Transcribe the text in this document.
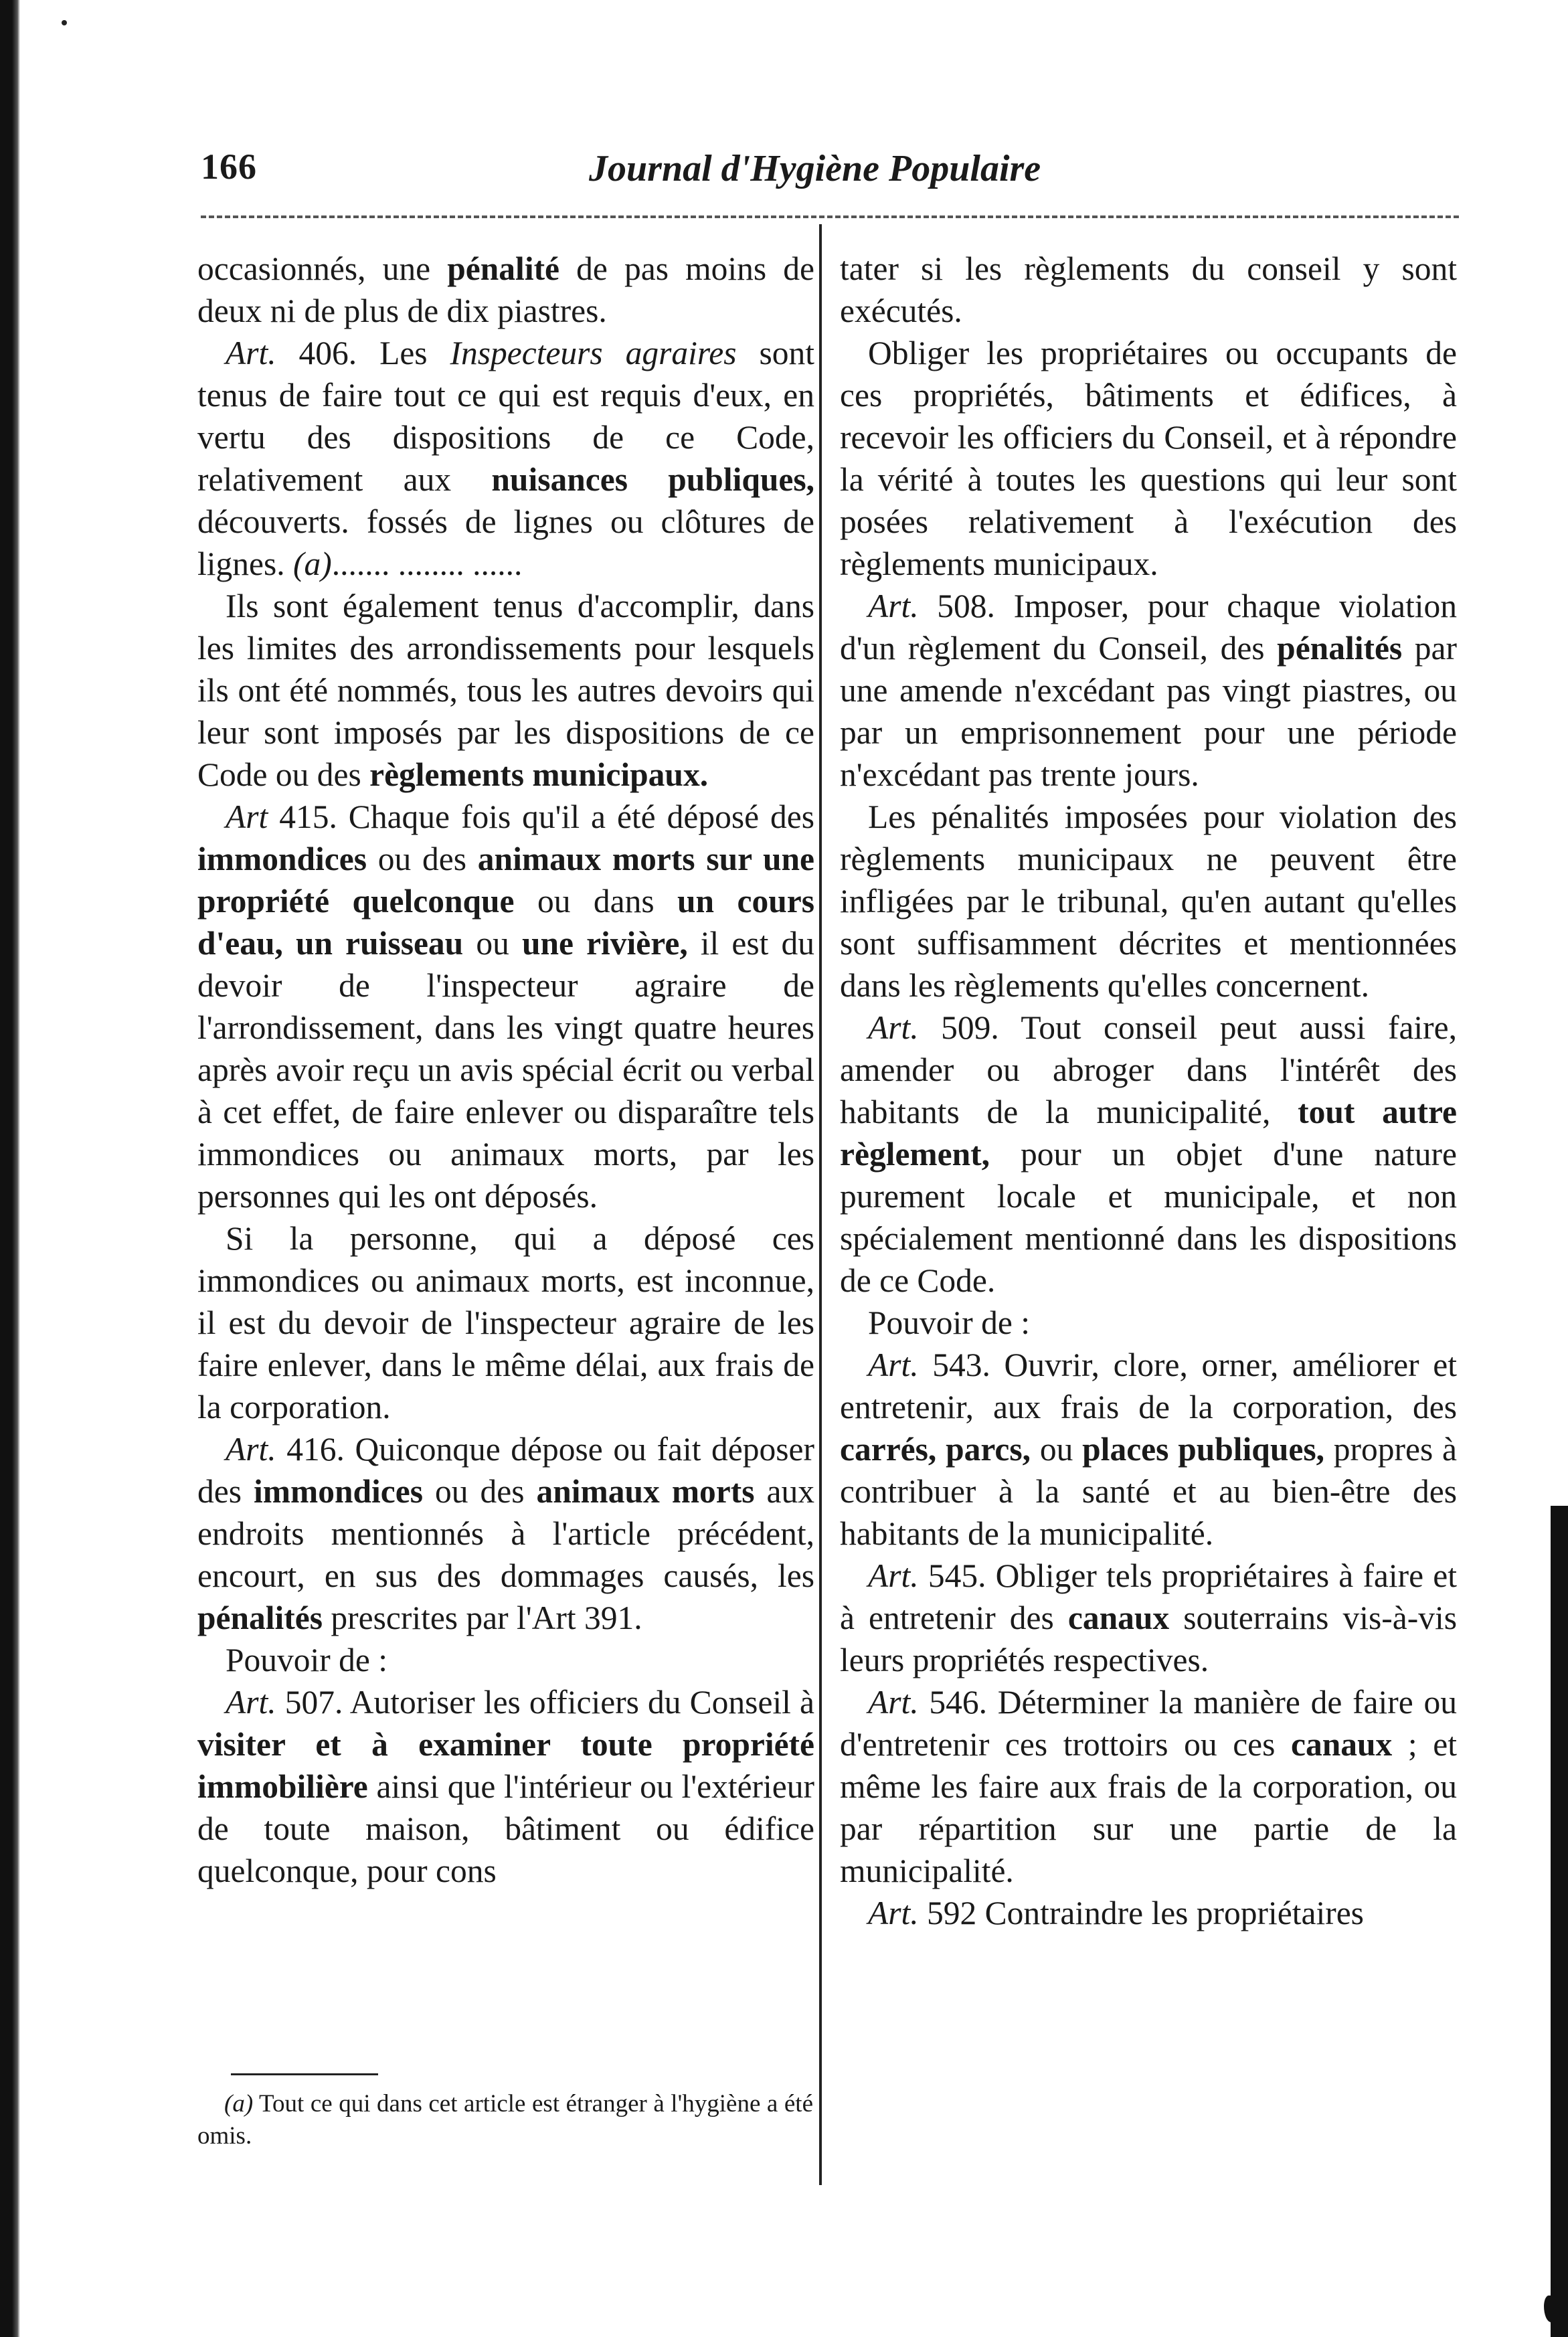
166	Journal d'Hygiène Populaire

occasionnés, une pénalité de pas moins de deux ni de plus de dix piastres.

Art. 406. Les Inspecteurs agraires sont tenus de faire tout ce qui est requis d'eux, en vertu des dispositions de ce Code, relativement aux nuisances publiques, découverts. fossés de lignes ou clôtures de lignes. (a)....... ........ ......

Ils sont également tenus d'accomplir, dans les limites des arrondissements pour lesquels ils ont été nommés, tous les autres devoirs qui leur sont imposés par les dispositions de ce Code ou des règlements municipaux.

Art 415. Chaque fois qu'il a été déposé des immondices ou des animaux morts sur une propriété quelconque ou dans un cours d'eau, un ruisseau ou une rivière, il est du devoir de l'inspecteur agraire de l'arrondissement, dans les vingt quatre heures après avoir reçu un avis spécial écrit ou verbal à cet effet, de faire enlever ou disparaître tels immondices ou animaux morts, par les personnes qui les ont déposés.

Si la personne, qui a déposé ces immondices ou animaux morts, est inconnue, il est du devoir de l'inspecteur agraire de les faire enlever, dans le même délai, aux frais de la corporation.

Art. 416. Quiconque dépose ou fait déposer des immondices ou des animaux morts aux endroits mentionnés à l'article précédent, encourt, en sus des dommages causés, les pénalités prescrites par l'Art 391.

Pouvoir de :

Art. 507. Autoriser les officiers du Conseil à visiter et à examiner toute propriété immobilière ainsi que l'intérieur ou l'extérieur de toute maison, bâtiment ou édifice quelconque, pour cons

tater si les règlements du conseil y sont exécutés.

Obliger les propriétaires ou occupants de ces propriétés, bâtiments et édifices, à recevoir les officiers du Conseil, et à répondre la vérité à toutes les questions qui leur sont posées relativement à l'exécution des règlements municipaux.

Art. 508. Imposer, pour chaque violation d'un règlement du Conseil, des pénalités par une amende n'excédant pas vingt piastres, ou par un emprisonnement pour une période n'excédant pas trente jours.

Les pénalités imposées pour violation des règlements municipaux ne peuvent être infligées par le tribunal, qu'en autant qu'elles sont suffisamment décrites et mentionnées dans les règlements qu'elles concernent.

Art. 509. Tout conseil peut aussi faire, amender ou abroger dans l'intérêt des habitants de la municipalité, tout autre règlement, pour un objet d'une nature purement locale et municipale, et non spécialement mentionné dans les dispositions de ce Code.

Pouvoir de :

Art. 543. Ouvrir, clore, orner, améliorer et entretenir, aux frais de la corporation, des carrés, parcs, ou places publiques, propres à contribuer à la santé et au bien-être des habitants de la municipalité.

Art. 545. Obliger tels propriétaires à faire et à entretenir des canaux souterrains vis-à-vis leurs propriétés respectives.

Art. 546. Déterminer la manière de faire ou d'entretenir ces trottoirs ou ces canaux ; et même les faire aux frais de la corporation, ou par répartition sur une partie de la municipalité.

Art. 592 Contraindre les propriétaires

(a) Tout ce qui dans cet article est étranger à l'hygiène a été omis.
